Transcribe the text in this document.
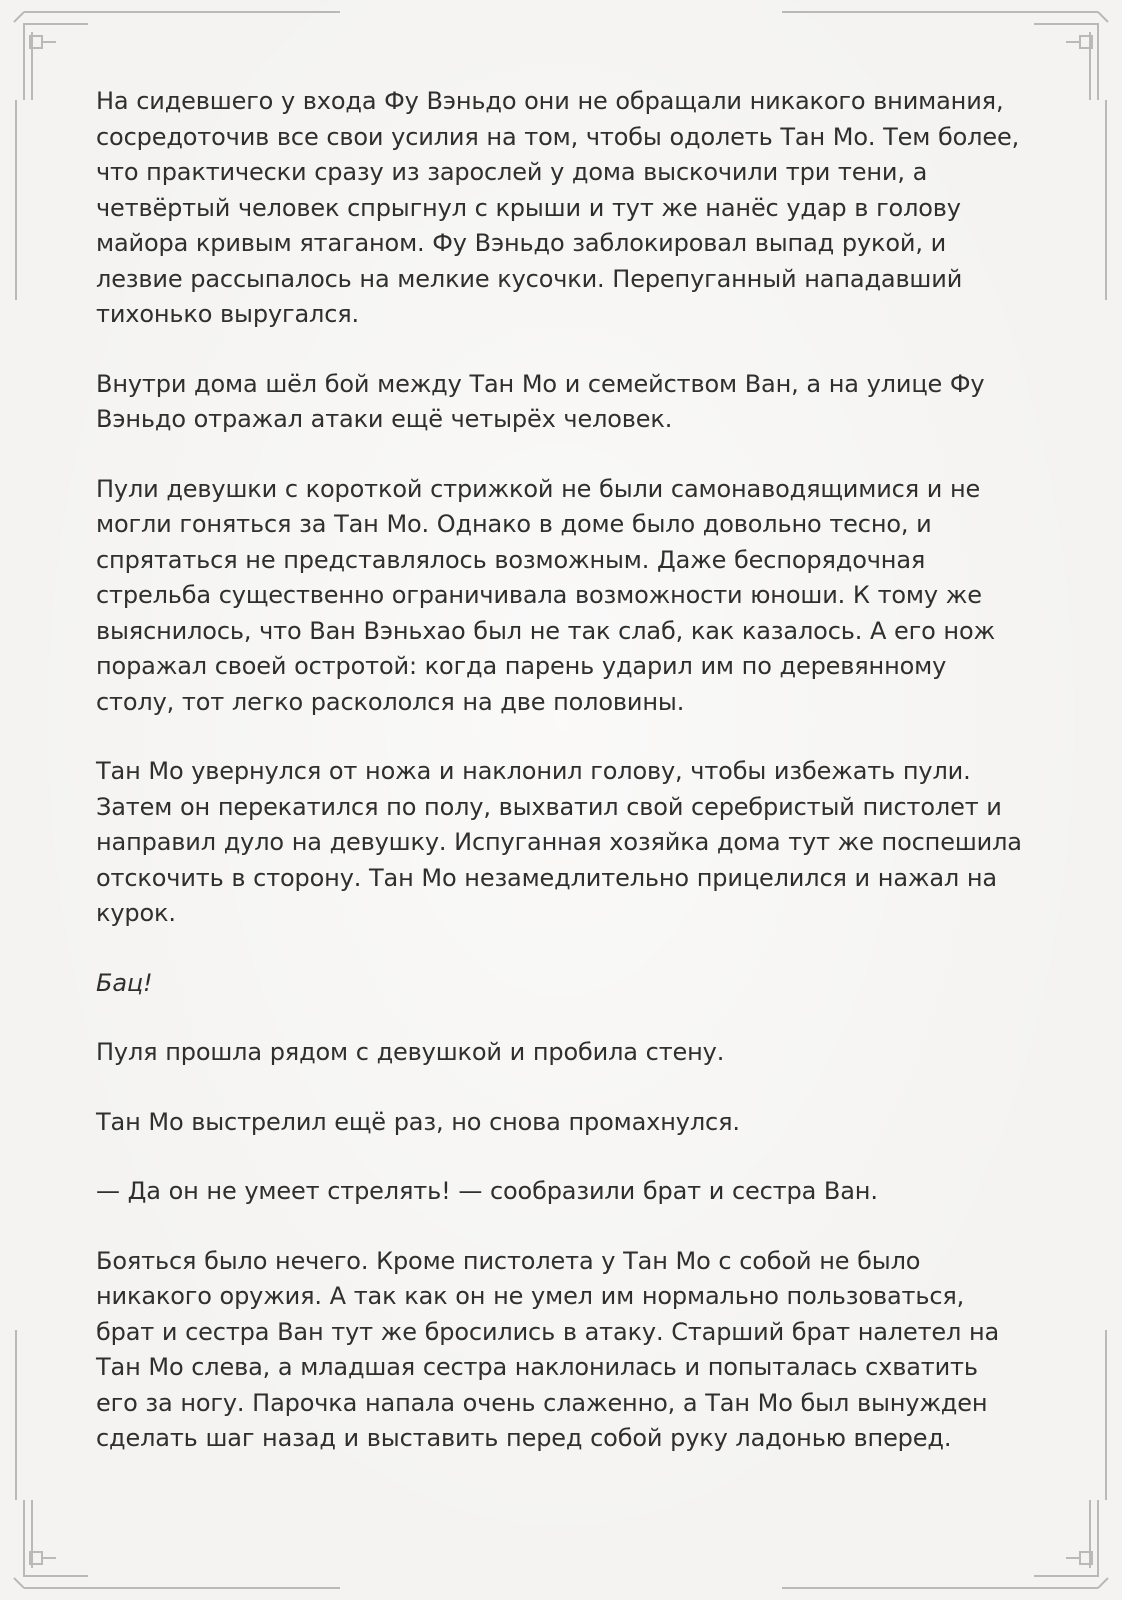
На сидевшего у входа Фу Вэньдо они не обращали никакого внимания, сосредоточив все свои усилия на том, чтобы одолеть Тан Мо. Тем более, что практически сразу из зарослей у дома выскочили три тени, а четвёртый человек спрыгнул с крыши и тут же нанёс удар в голову майора кривым ятаганом. Фу Вэньдо заблокировал выпад рукой, и лезвие рассыпалось на мелкие кусочки. Перепуганный нападавший тихонько выругался.

Внутри дома шёл бой между Тан Мо и семейством Ван, а на улице Фу Вэньдо отражал атаки ещё четырёх человек.

Пули девушки с короткой стрижкой не были самонаводящимися и не могли гоняться за Тан Мо. Однако в доме было довольно тесно, и спрятаться не представлялось возможным. Даже беспорядочная стрельба существенно ограничивала возможности юноши. К тому же выяснилось, что Ван Вэньхао был не так слаб, как казалось. А его нож поражал своей остротой: когда парень ударил им по деревянному столу, тот легко раскололся на две половины.

Тан Мо увернулся от ножа и наклонил голову, чтобы избежать пули. Затем он перекатился по полу, выхватил свой серебристый пистолет и направил дуло на девушку. Испуганная хозяйка дома тут же поспешила отскочить в сторону. Тан Мо незамедлительно прицелился и нажал на курок.

Бац!

Пуля прошла рядом с девушкой и пробила стену.

Тан Мо выстрелил ещё раз, но снова промахнулся.

— Да он не умеет стрелять! — сообразили брат и сестра Ван.

Бояться было нечего. Кроме пистолета у Тан Мо с собой не было никакого оружия. А так как он не умел им нормально пользоваться, брат и сестра Ван тут же бросились в атаку. Старший брат налетел на Тан Мо слева, а младшая сестра наклонилась и попыталась схватить его за ногу. Парочка напала очень слаженно, а Тан Мо был вынужден сделать шаг назад и выставить перед собой руку ладонью вперед.
